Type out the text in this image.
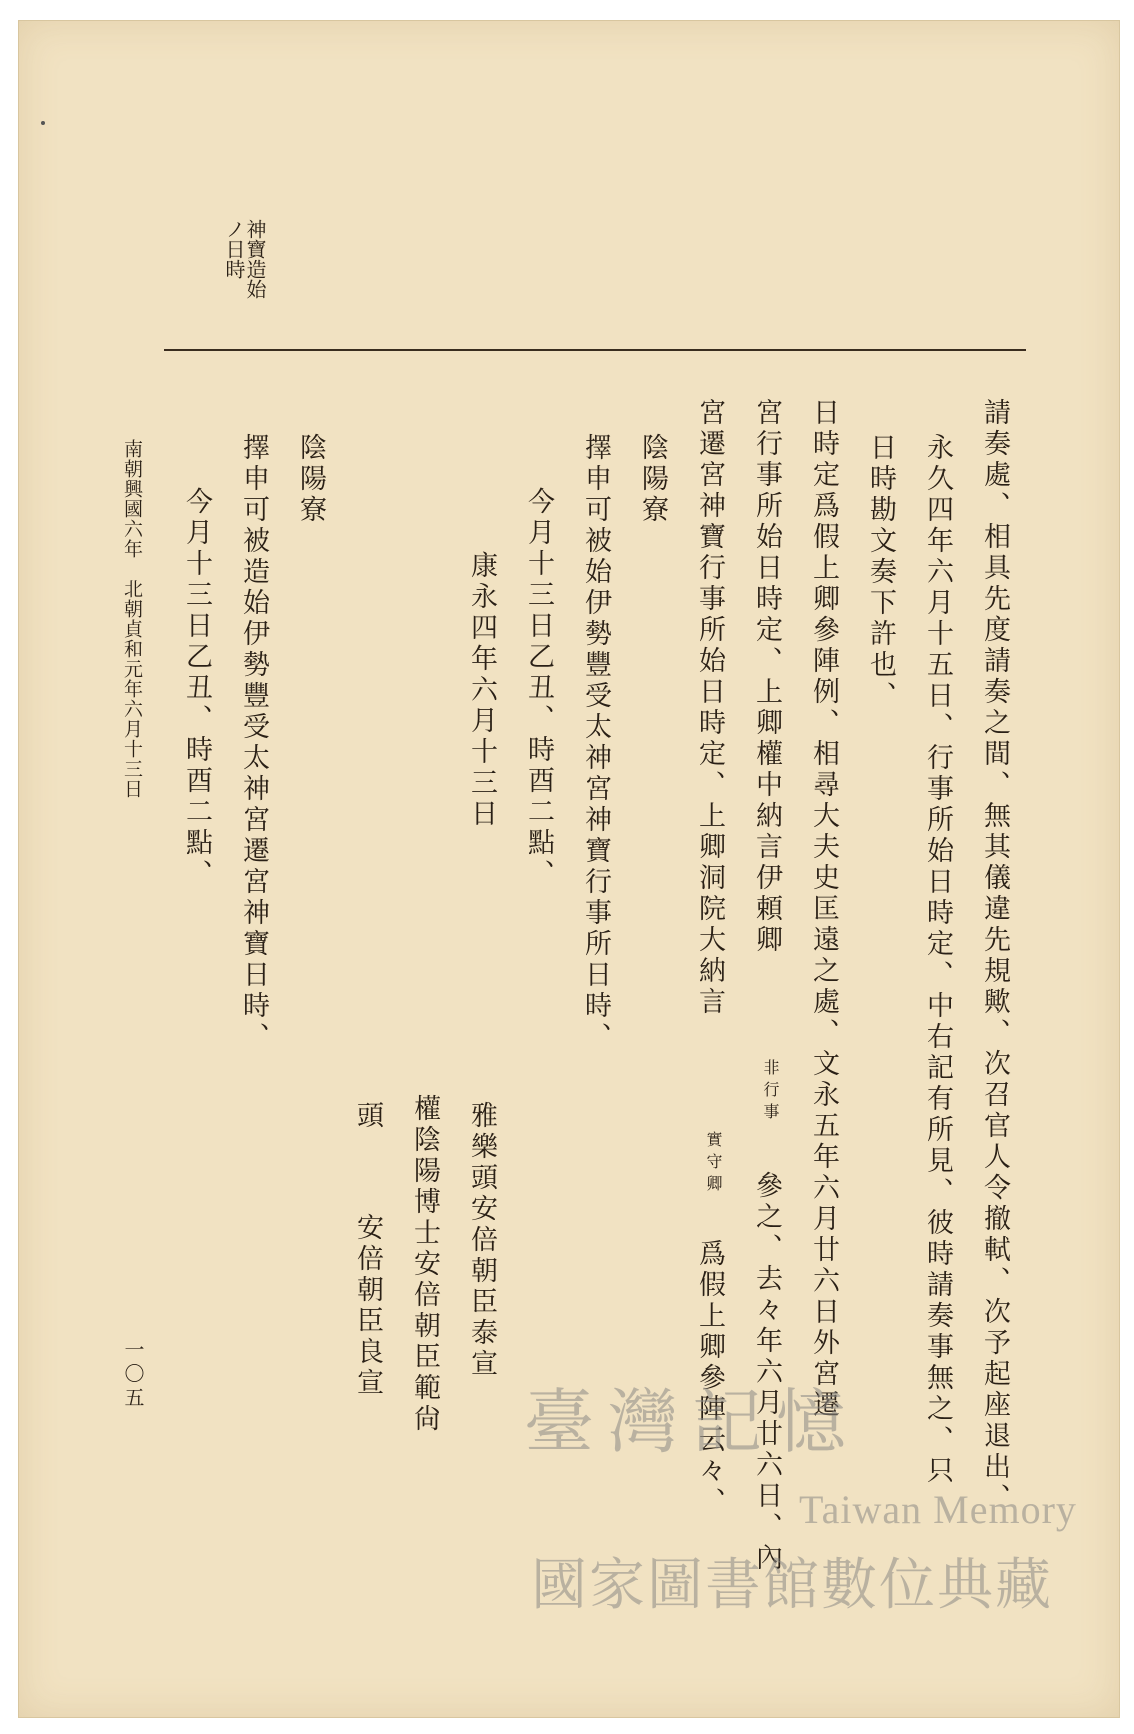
神寶造始ノ日時
請奏處、相具先度請奏之間、無其儀違先規歟、次召官人令撤軾、次予起座退出、
永久四年六月十五日、行事所始日時定、中右記有所見、彼時請奏事無之、只
日時勘文奏下許也、
日時定爲假上卿參陣例、相尋大夫史匡遠之處、文永五年六月廿六日外宮遷
宮行事所始日時定、上卿權中納言伊頼卿
非行事
參之、去々年六月廿六日、內
宮遷宮神寶行事所始日時定、上卿洞院大納言
實守卿
爲假上卿參陣云々、
陰陽寮
擇申可被始伊勢豐受太神宮神寶行事所日時、
今月十三日乙丑、時酉二點、
康永四年六月十三日
雅樂頭安倍朝臣泰宣
權陰陽博士安倍朝臣範尙
頭
安倍朝臣良宣
陰陽寮
擇申可被造始伊勢豐受太神宮遷宮神寶日時、
今月十三日乙丑、時酉二點、
南朝興國六年　北朝貞和元年六月十三日
一〇五
臺灣記憶
Taiwan Memory
國家圖書館數位典藏
